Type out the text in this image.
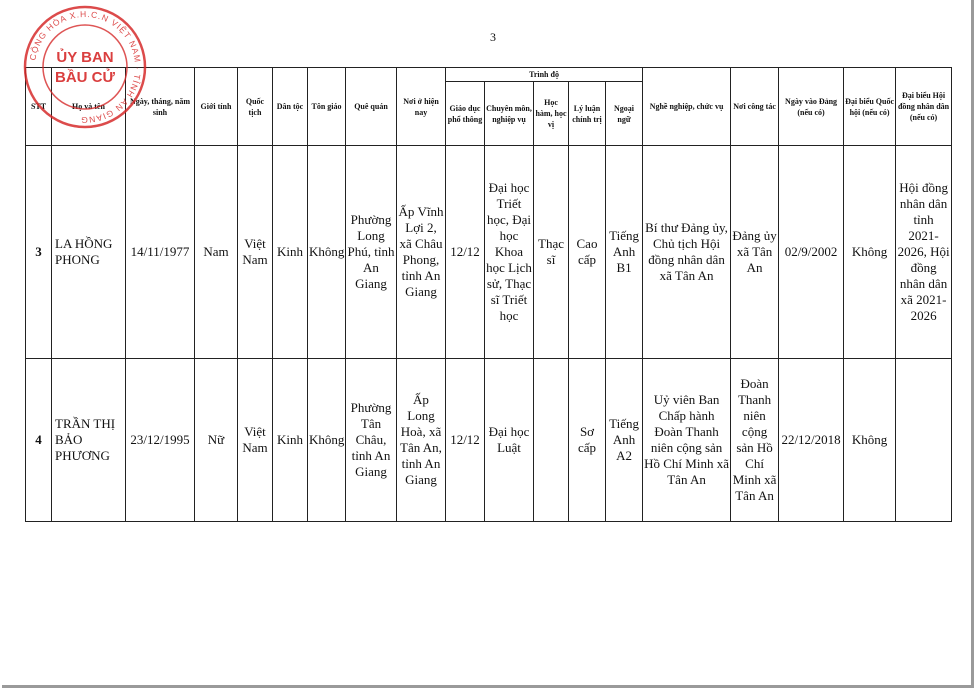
3
STT	Họ và tên	Ngày, tháng, năm sinh	Giới tính	Quốc tịch	Dân tộc	Tôn giáo	Quê quán	Nơi ở hiện nay	Trình độ					Nghề nghiệp, chức vụ	Nơi công tác	Ngày vào Đảng (nếu có)	Đại biểu Quốc hội (nếu có)	Đại biểu Hội đồng nhân dân (nếu có)
									Giáo dục phổ thông	Chuyên môn, nghiệp vụ	Học hàm, học vị	Lý luận chính trị	Ngoại ngữ					
3	LA HỒNG PHONG	14/11/1977	Nam	Việt Nam	Kinh	Không	Phường Long Phú, tỉnh An Giang	Ấp Vĩnh Lợi 2, xã Châu Phong, tỉnh An Giang	12/12	Đại học Triết học, Đại học Khoa học Lịch sử, Thạc sĩ Triết học	Thạc sĩ	Cao cấp	Tiếng Anh B1	Bí thư Đảng ủy, Chủ tịch Hội đồng nhân dân xã Tân An	Đảng ủy xã Tân An	02/9/2002	Không	Hội đồng nhân dân tỉnh 2021-2026, Hội đồng nhân dân xã 2021-2026
4	TRẦN THỊ BẢO PHƯƠNG	23/12/1995	Nữ	Việt Nam	Kinh	Không	Phường Tân Châu, tỉnh An Giang	Ấp Long Hoà, xã Tân An, tỉnh An Giang	12/12	Đại học Luật		Sơ cấp	Tiếng Anh A2	Uỷ viên Ban Chấp hành Đoàn Thanh niên cộng sản Hồ Chí Minh xã Tân An	Đoàn Thanh niên cộng sản Hồ Chí Minh xã Tân An	22/12/2018	Không	
CỘNG HÒA X.H.C.N VIỆT NAM · TỈNH AN GIANG
ỦY BAN
BẦU CỬ
